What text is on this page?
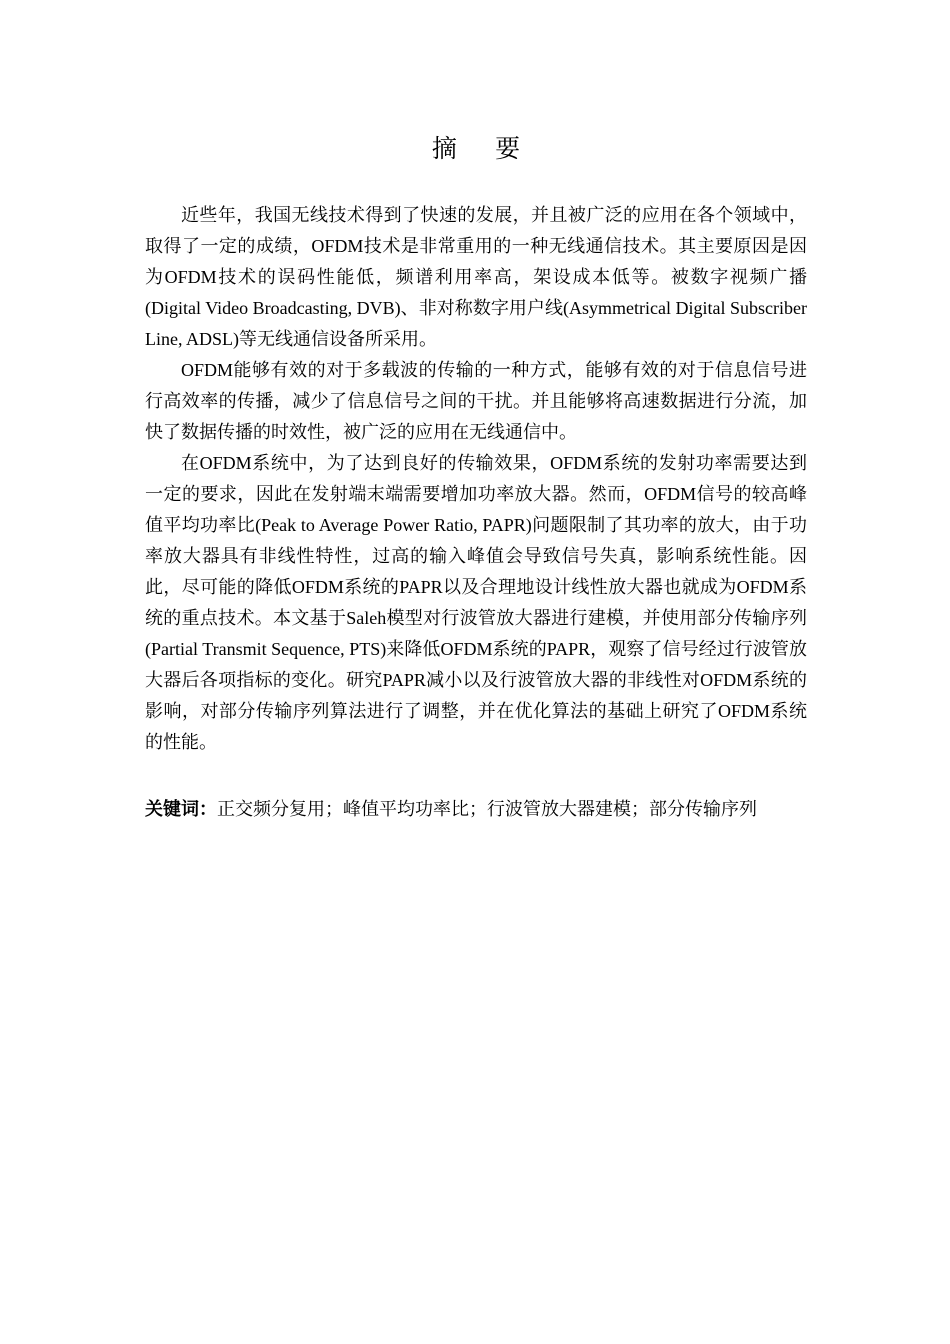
摘 要

近些年，我国无线技术得到了快速的发展，并且被广泛的应用在各个领域中，取得了一定的成绩，OFDM技术是非常重用的一种无线通信技术。其主要原因是因为OFDM技术的误码性能低，频谱利用率高，架设成本低等。被数字视频广播(Digital Video Broadcasting, DVB)、非对称数字用户线(Asymmetrical Digital Subscriber Line, ADSL)等无线通信设备所采用。

OFDM能够有效的对于多载波的传输的一种方式，能够有效的对于信息信号进行高效率的传播，减少了信息信号之间的干扰。并且能够将高速数据进行分流，加快了数据传播的时效性，被广泛的应用在无线通信中。

在OFDM系统中，为了达到良好的传输效果，OFDM系统的发射功率需要达到一定的要求，因此在发射端末端需要增加功率放大器。然而，OFDM信号的较高峰值平均功率比(Peak to Average Power Ratio, PAPR)问题限制了其功率的放大，由于功率放大器具有非线性特性，过高的输入峰值会导致信号失真，影响系统性能。因此，尽可能的降低OFDM系统的PAPR以及合理地设计线性放大器也就成为OFDM系统的重点技术。本文基于Saleh模型对行波管放大器进行建模，并使用部分传输序列(Partial Transmit Sequence, PTS)来降低OFDM系统的PAPR，观察了信号经过行波管放大器后各项指标的变化。研究PAPR减小以及行波管放大器的非线性对OFDM系统的影响，对部分传输序列算法进行了调整，并在优化算法的基础上研究了OFDM系统的性能。

关键词：正交频分复用；峰值平均功率比；行波管放大器建模；部分传输序列
